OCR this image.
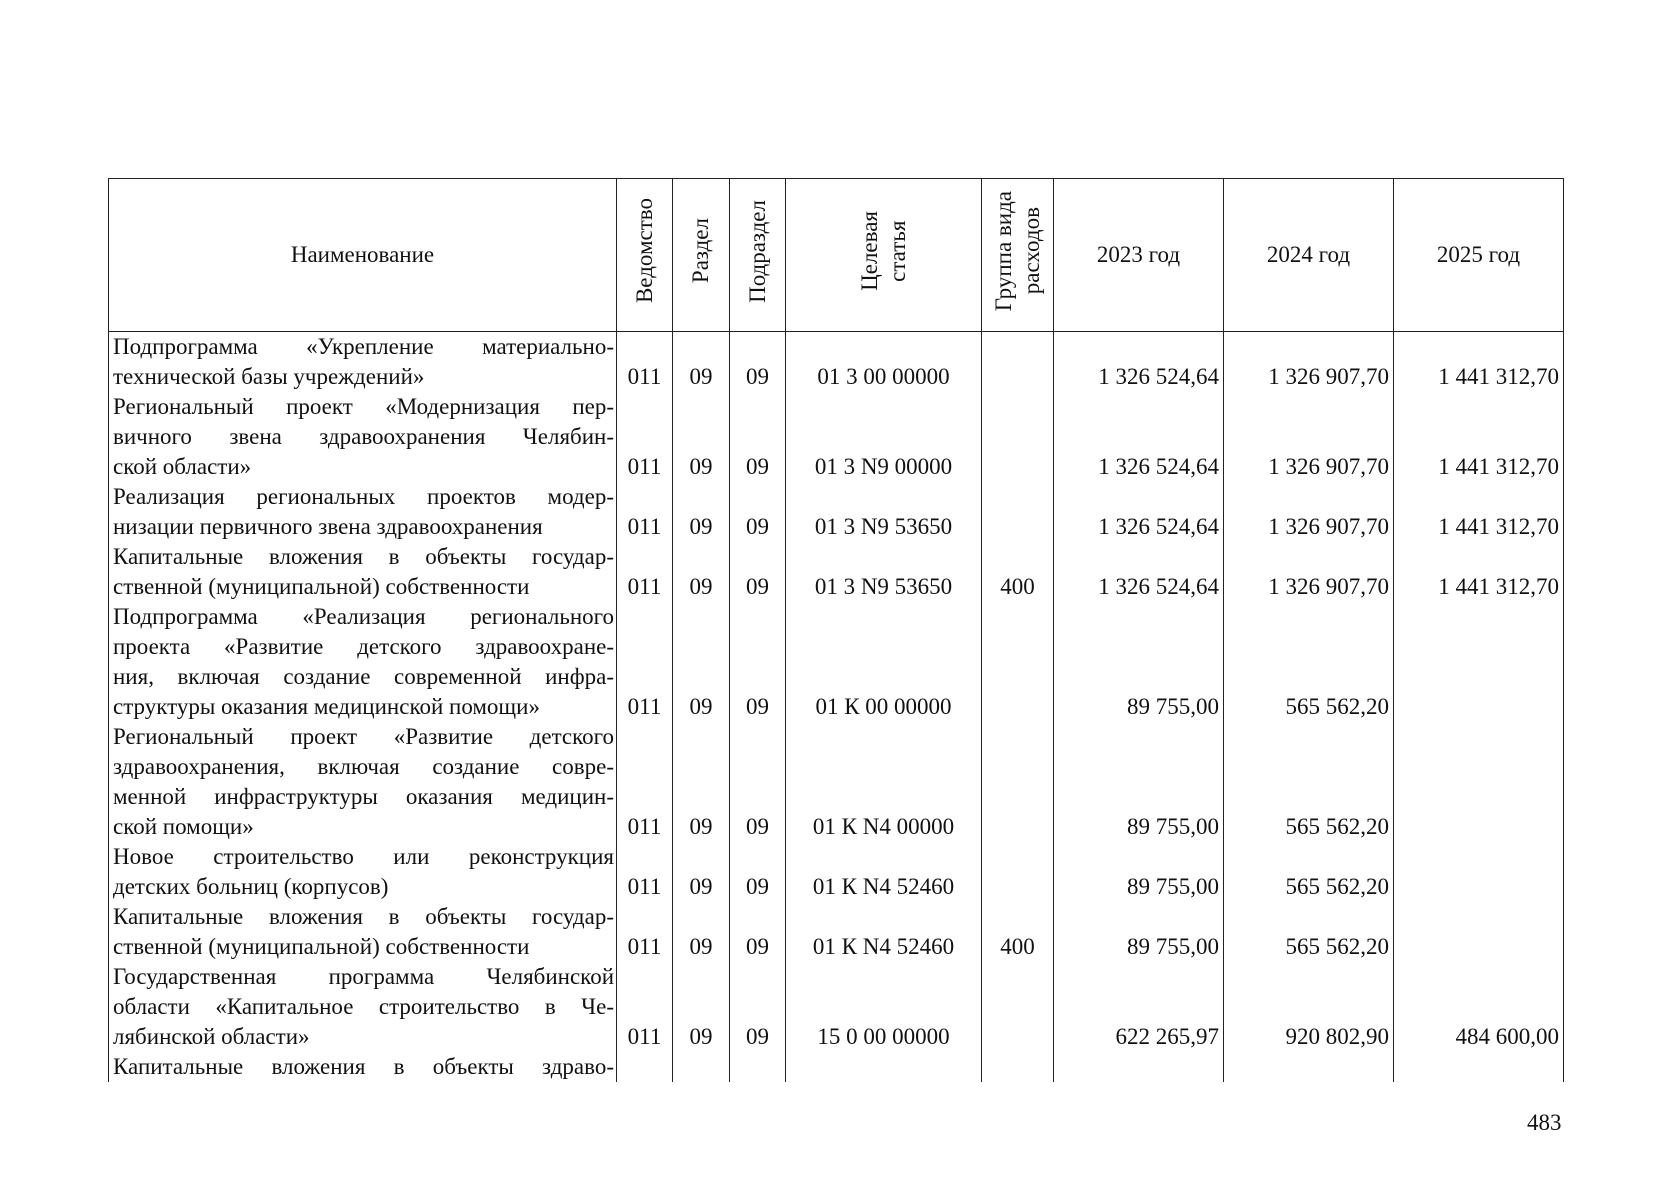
Наименование	Ведомство	Раздел	Подраздел	Целевая статья	Группа вида расходов	2023 год	2024 год	2025 год

Подпрограмма «Укрепление материально-
технической базы учреждений»	011	09	09	01 3 00 00000		1 326 524,64	1 326 907,70	1 441 312,70

Региональный проект «Модернизация пер-
вичного звена здравоохранения Челябин-
ской области»	011	09	09	01 3 N9 00000		1 326 524,64	1 326 907,70	1 441 312,70

Реализация региональных проектов модер-
низации первичного звена здравоохранения	011	09	09	01 3 N9 53650		1 326 524,64	1 326 907,70	1 441 312,70

Капитальные вложения в объекты государ-
ственной (муниципальной) собственности	011	09	09	01 3 N9 53650	400	1 326 524,64	1 326 907,70	1 441 312,70

Подпрограмма «Реализация регионального
проекта «Развитие детского здравоохране-
ния, включая создание современной инфра-
структуры оказания медицинской помощи»	011	09	09	01 К 00 00000		89 755,00	565 562,20	

Региональный проект «Развитие детского
здравоохранения, включая создание совре-
менной инфраструктуры оказания медицин-
ской помощи»	011	09	09	01 К N4 00000		89 755,00	565 562,20	

Новое строительство или реконструкция
детских больниц (корпусов)	011	09	09	01 К N4 52460		89 755,00	565 562,20	

Капитальные вложения в объекты государ-
ственной (муниципальной) собственности	011	09	09	01 К N4 52460	400	89 755,00	565 562,20	

Государственная программа Челябинской
области «Капитальное строительство в Че-
лябинской области»	011	09	09	15 0 00 00000		622 265,97	920 802,90	484 600,00

Капитальные вложения в объекты здраво-								

483
